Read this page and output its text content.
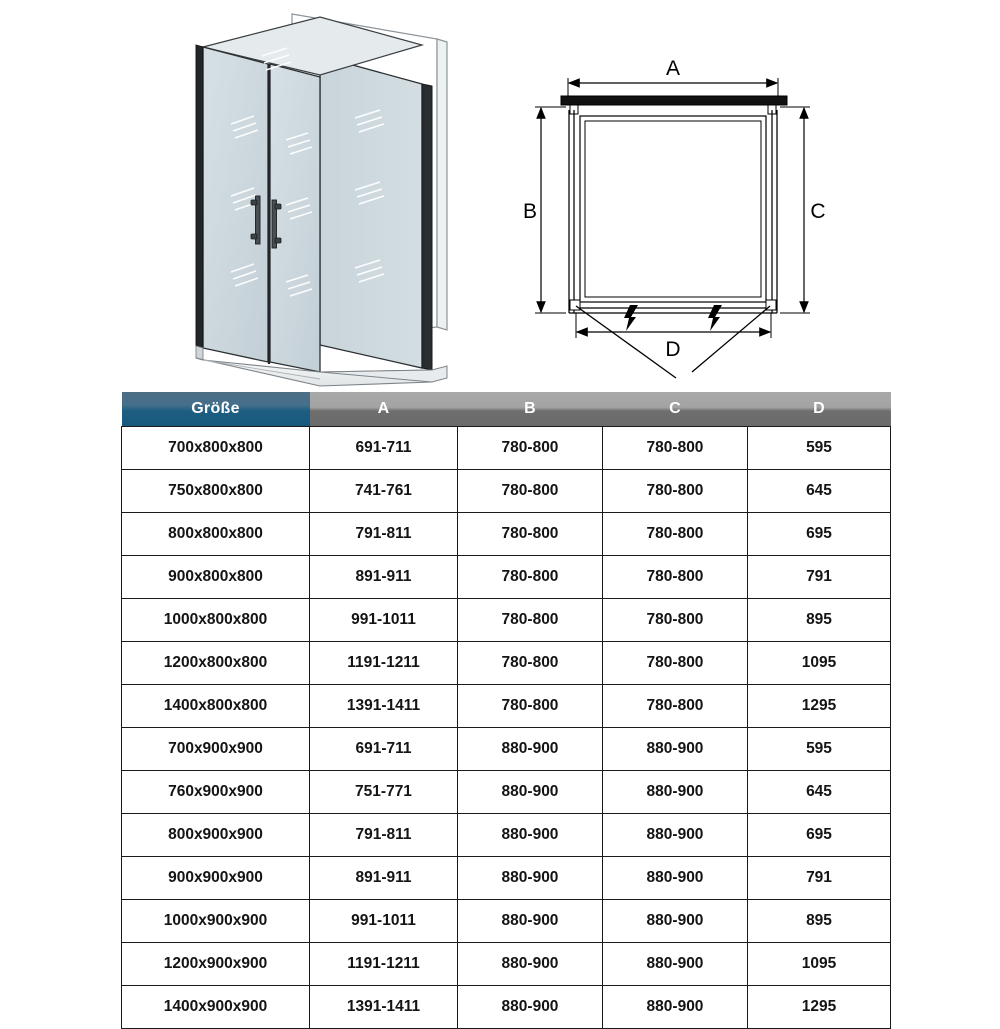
A
B	C
D
Größe	A	B	C	D
700x800x800	691-711	780-800	780-800	595
750x800x800	741-761	780-800	780-800	645
800x800x800	791-811	780-800	780-800	695
900x800x800	891-911	780-800	780-800	791
1000x800x800	991-1011	780-800	780-800	895
1200x800x800	1191-1211	780-800	780-800	1095
1400x800x800	1391-1411	780-800	780-800	1295
700x900x900	691-711	880-900	880-900	595
760x900x900	751-771	880-900	880-900	645
800x900x900	791-811	880-900	880-900	695
900x900x900	891-911	880-900	880-900	791
1000x900x900	991-1011	880-900	880-900	895
1200x900x900	1191-1211	880-900	880-900	1095
1400x900x900	1391-1411	880-900	880-900	1295
